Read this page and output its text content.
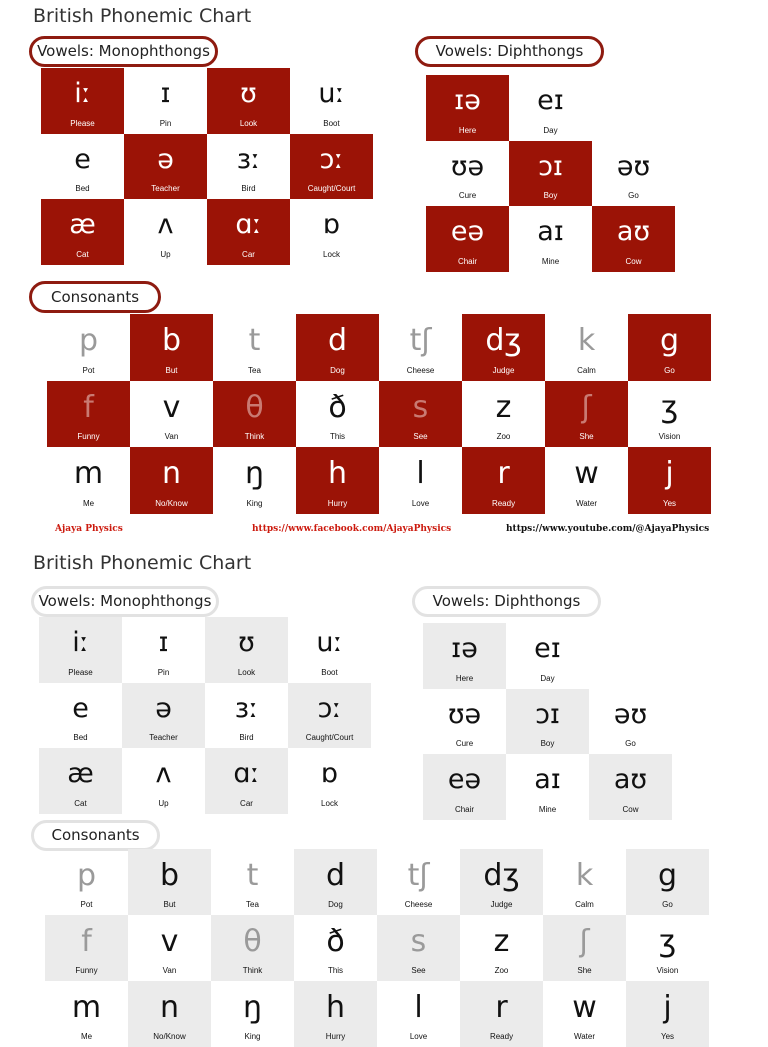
British Phonemic Chart
Vowels: Monophthongs
iː
Please
ɪ
Pin
ʊ
Look
uː
Boot
e
Bed
ə
Teacher
ɜː
Bird
ɔː
Caught/Court
æ
Cat
ʌ
Up
ɑː
Car
ɒ
Lock
Vowels: Diphthongs
ɪə
Here
eɪ
Day
ʊə
Cure
ɔɪ
Boy
əʊ
Go
eə
Chair
aɪ
Mine
aʊ
Cow
Consonants
p
Pot
b
But
t
Tea
d
Dog
tʃ
Cheese
dʒ
Judge
k
Calm
g
Go
f
Funny
v
Van
θ
Think
ð
This
s
See
z
Zoo
ʃ
She
ʒ
Vision
m
Me
n
No/Know
ŋ
King
h
Hurry
l
Love
r
Ready
w
Water
j
Yes
Ajaya Physics	https://www.facebook.com/AjayaPhysics	https://www.youtube.com/@AjayaPhysics
British Phonemic Chart
Vowels: Monophthongs
iː
Please
ɪ
Pin
ʊ
Look
uː
Boot
e
Bed
ə
Teacher
ɜː
Bird
ɔː
Caught/Court
æ
Cat
ʌ
Up
ɑː
Car
ɒ
Lock
Vowels: Diphthongs
ɪə
Here
eɪ
Day
ʊə
Cure
ɔɪ
Boy
əʊ
Go
eə
Chair
aɪ
Mine
aʊ
Cow
Consonants
p
Pot
b
But
t
Tea
d
Dog
tʃ
Cheese
dʒ
Judge
k
Calm
g
Go
f
Funny
v
Van
θ
Think
ð
This
s
See
z
Zoo
ʃ
She
ʒ
Vision
m
Me
n
No/Know
ŋ
King
h
Hurry
l
Love
r
Ready
w
Water
j
Yes
